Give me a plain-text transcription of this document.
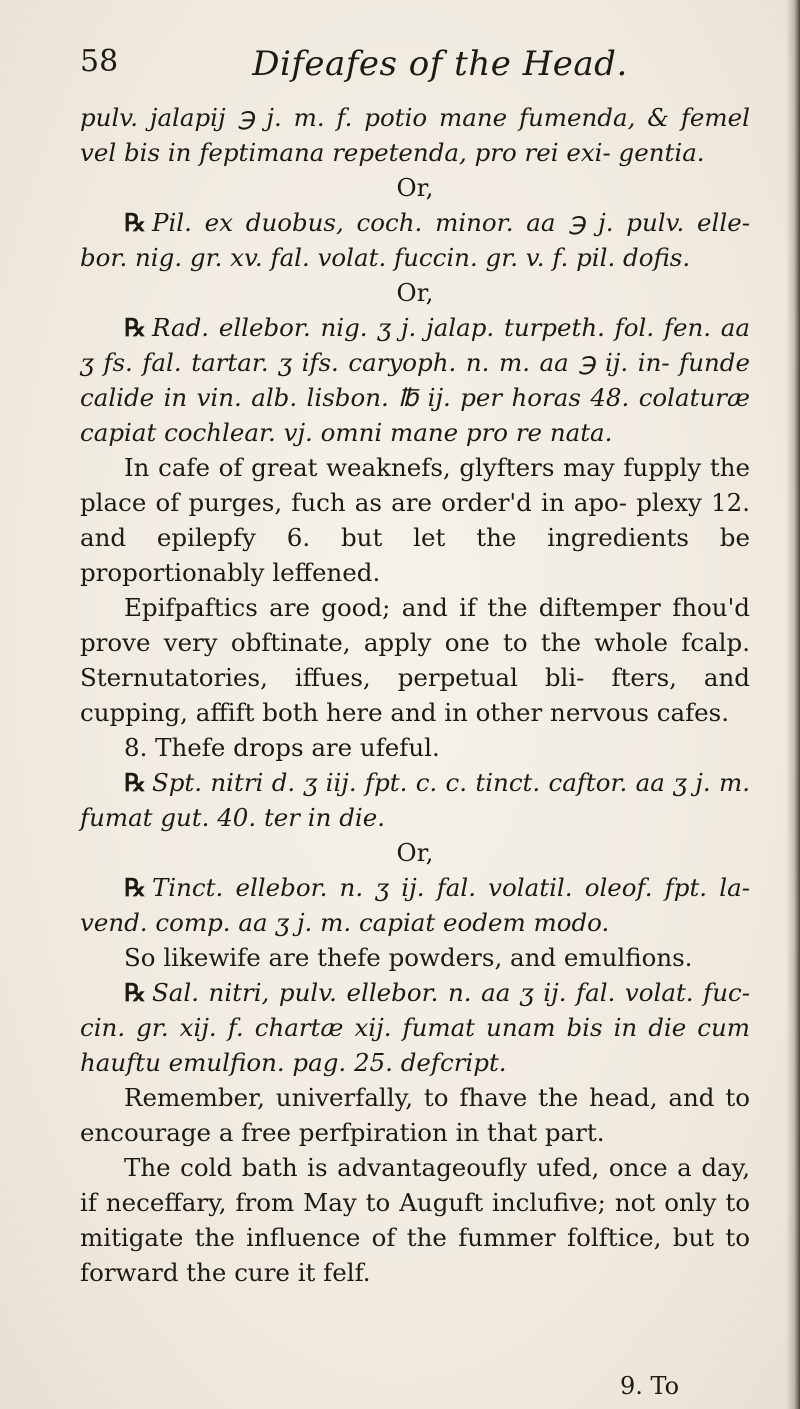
58	Difeafes of the Head.

pulv. jalapij ℈ j. m. f. potio mane fumenda, & femel vel bis in feptimana repetenda, pro rei exi- gentia.

Or,

℞ Pil. ex duobus, coch. minor. aa ℈ j. pulv. elle- bor. nig. gr. xv. fal. volat. fuccin. gr. v. f. pil. dofis.

Or,

℞ Rad. ellebor. nig. ʒ j. jalap. turpeth. fol. fen. aa ʒ fs. fal. tartar. ʒ ifs. caryoph. n. m. aa ℈ ij. in- funde calide in vin. alb. lisbon. ℔ ij. per horas 48. colaturæ capiat cochlear. vj. omni mane pro re nata.

In cafe of great weaknefs, glyfters may fupply the place of purges, fuch as are order'd in apo- plexy 12. and epilepfy 6. but let the ingredients be proportionably leffened.

Epifpaftics are good; and if the diftemper fhou'd prove very obftinate, apply one to the whole fcalp. Sternutatories, iffues, perpetual bli- fters, and cupping, affift both here and in other nervous cafes.

8. Thefe drops are ufeful.

℞ Spt. nitri d. ʒ iij. fpt. c. c. tinct. caftor. aa ʒ j. m. fumat gut. 40. ter in die.

Or,

℞ Tinct. ellebor. n. ʒ ij. fal. volatil. oleof. fpt. la- vend. comp. aa ʒ j. m. capiat eodem modo.

So likewife are thefe powders, and emulfions.

℞ Sal. nitri, pulv. ellebor. n. aa ʒ ij. fal. volat. fuc- cin. gr. xij. f. chartæ xij. fumat unam bis in die cum hauftu emulfion. pag. 25. defcript.

Remember, univerfally, to fhave the head, and to encourage a free perfpiration in that part.

The cold bath is advantageoufly ufed, once a day, if neceffary, from May to Auguft inclufive; not only to mitigate the influence of the fummer folftice, but to forward the cure it felf.

9. To
